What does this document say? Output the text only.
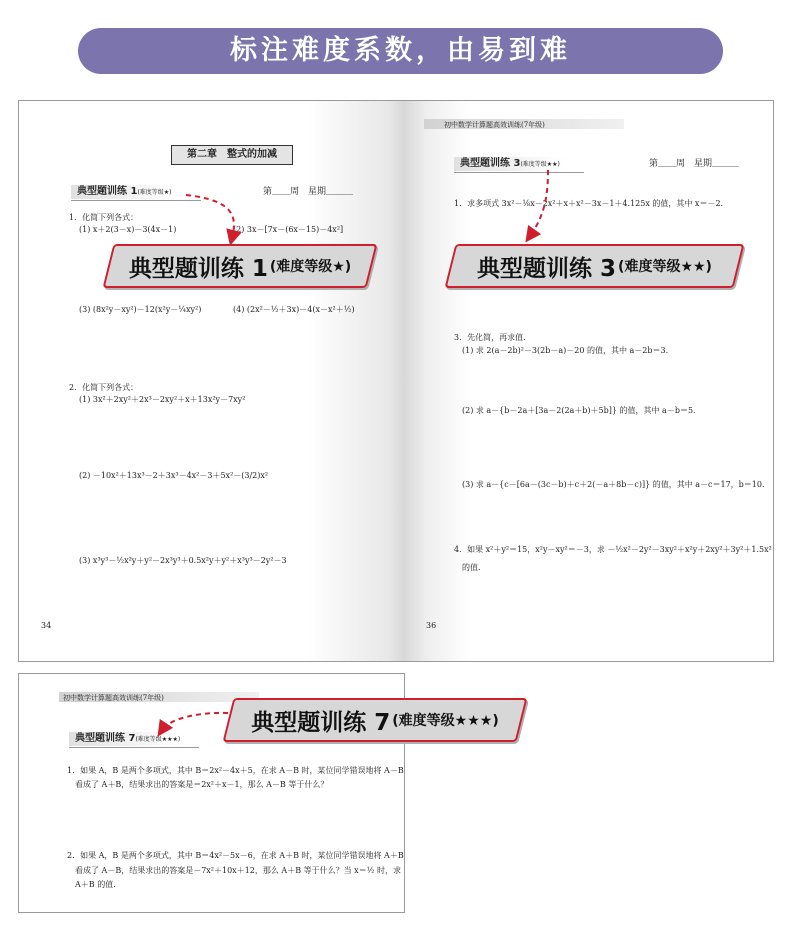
标注难度系数，由易到难
第二章　整式的加减
典型题训练 1(难度等级★)	第＿＿周　星期＿＿＿
1．化简下列各式：
(1) x＋2(3－x)－3(4x－1)	(2) 3x－[7x－(6x－15)－4x²]
(3) (8x²y－xy²)－12(x²y－¼xy²)	(4) (2x²－½＋3x)－4(x－x²＋½)
2．化简下列各式：
(1) 3x²＋2xy²＋2x³－2xy²＋x＋13x²y－7xy²
(2) －10x²＋13x³－2＋3x³－4x²－3＋5x²－(3/2)x²
(3) x³y³－½x²y＋y²－2x³y³＋0.5x²y＋y²＋x³y³－2y²－3
34
初中数学计算题高效训练(7年级)
典型题训练 3(难度等级★★)	第＿＿周　星期＿＿＿
1．求多项式 3x²－⅛x－2x²＋x＋x²－3x－1＋4.125x 的值，其中 x＝－2.
3．先化简，再求值．
(1) 求 2(a－2b)²－3(2b－a)－20 的值，其中 a－2b＝3.
(2) 求 a－{b－2a＋[3a－2(2a＋b)＋5b]} 的值，其中 a－b＝5.
(3) 求 a－{c－[6a－(3c－b)＋c＋2(－a＋8b－c)]} 的值，其中 a－c＝17，b＝10.
4．如果 x²＋y²＝15，x²y－xy²＝－3，求 －½x²－2y²－3xy²＋x²y＋2xy²＋3y²＋1.5x²
的值．
36
典型题训练 1 (难度等级★)	典型题训练 3 (难度等级★★)
初中数学计算题高效训练(7年级)
典型题训练 7(难度等级★★★)
1．如果 A，B 是两个多项式，其中 B＝2x²－4x＋5，在求 A－B 时，某位同学错误地将 A－B
看成了 A＋B，结果求出的答案是＝2x²＋x－1，那么 A－B 等于什么？
2．如果 A，B 是两个多项式，其中 B＝4x²－5x－6，在求 A＋B 时，某位同学错误地将 A＋B
看成了 A－B，结果求出的答案是－7x²＋10x＋12，那么 A＋B 等于什么？当 x＝½ 时，求
A＋B 的值．
典型题训练 7 (难度等级★★★)
